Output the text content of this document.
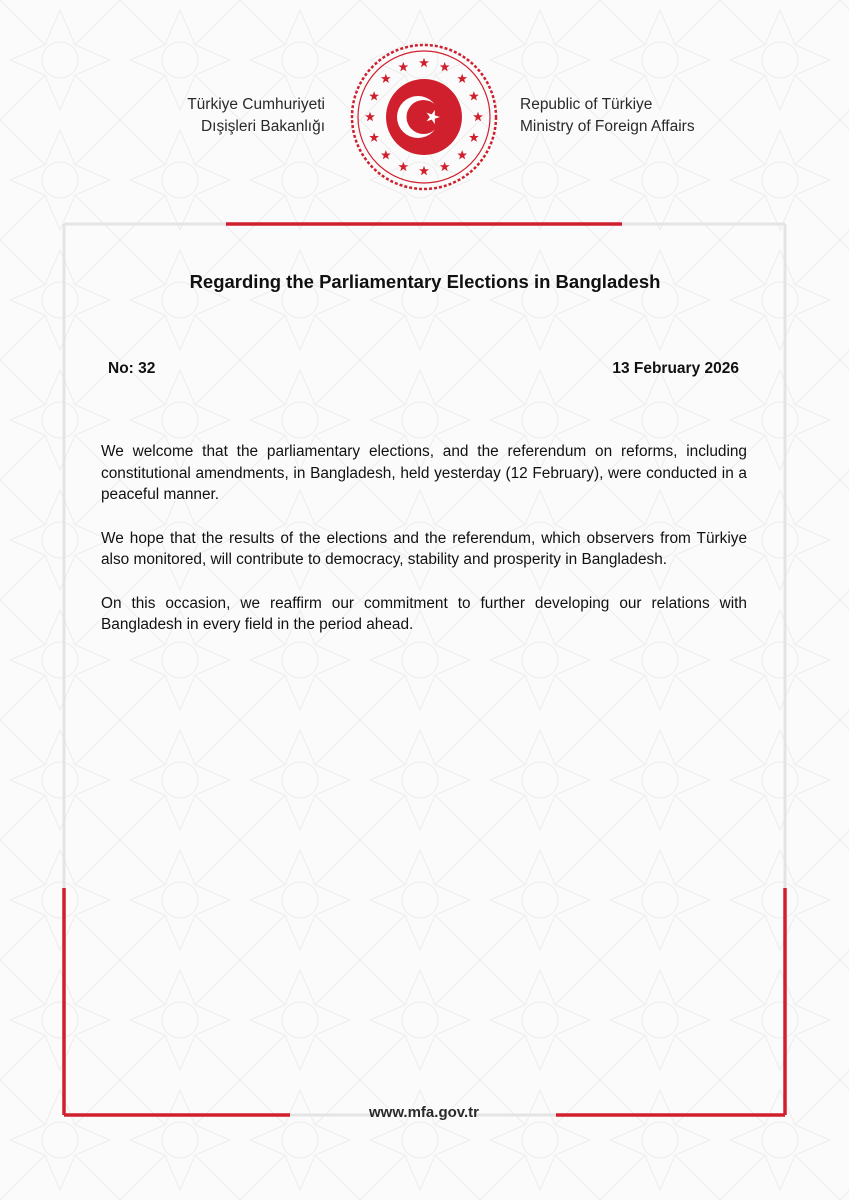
Türkiye Cumhuriyeti
Dışişleri Bakanlığı
Republic of Türkiye
Ministry of Foreign Affairs
Regarding the Parliamentary Elections in Bangladesh
No: 32	13 February 2026

We welcome that the parliamentary elections, and the referendum on reforms, including constitutional amendments, in Bangladesh, held yesterday (12 February), were conducted in a peaceful manner.

We hope that the results of the elections and the referendum, which observers from Türkiye also monitored, will contribute to democracy, stability and prosperity in Bangladesh.

On this occasion, we reaffirm our commitment to further developing our relations with Bangladesh in every field in the period ahead.

www.mfa.gov.tr
